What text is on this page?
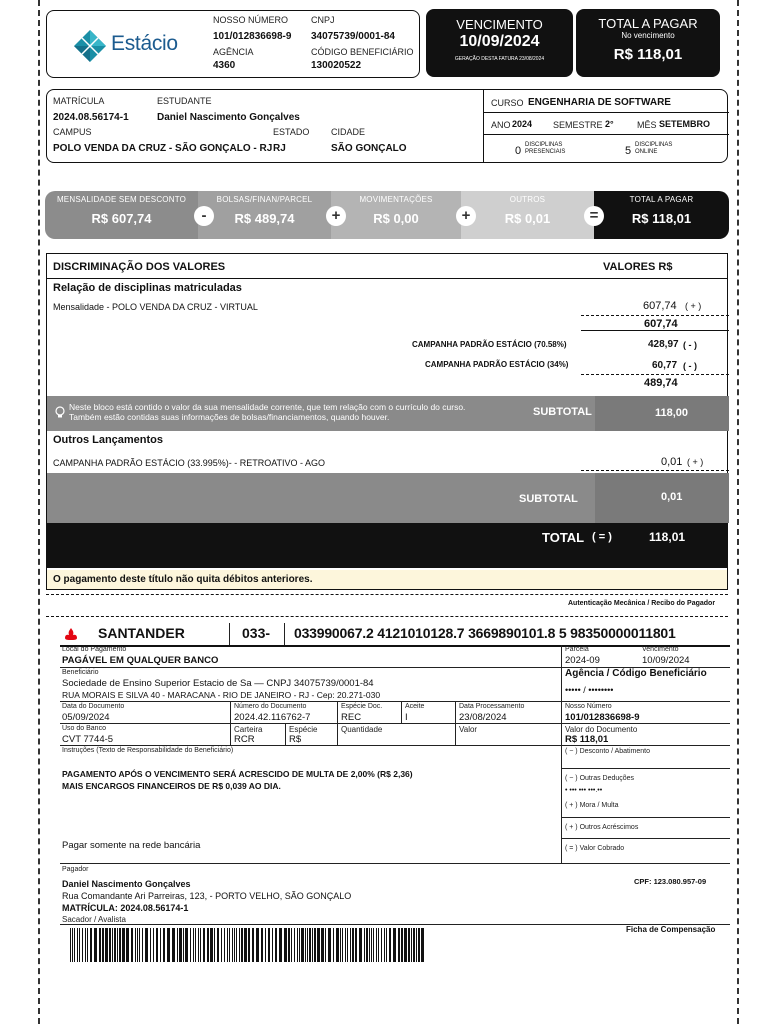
Estácio
NOSSO NÚMERO
101/012836698-9
AGÊNCIA
4360
CNPJ
34075739/0001-84
CÓDIGO BENEFICIÁRIO
130020522
VENCIMENTO
10/09/2024
GERAÇÃO DESTA FATURA 23/08/2024
TOTAL A PAGAR
No vencimento
R$ 118,01
MATRÍCULA
2024.08.56174-1
ESTUDANTE
Daniel Nascimento Gonçalves
CAMPUS
POLO VENDA DA CRUZ - SÃO GONÇALO - RJ
ESTADO
RJ
CIDADE
SÃO GONÇALO
CURSO ENGENHARIA DE SOFTWARE
ANO 2024 SEMESTRE 2°	MÊS SETEMBRO
0 DISCIPLINAS
PRESENCIAIS	5 DISCIPLINAS
ONLINE
MENSALIDADE SEM DESCONTO
R$ 607,74
BOLSAS/FINAN/PARCEL
R$ 489,74
MOVIMENTAÇÕES
R$ 0,00
OUTROS
R$ 0,01
TOTAL A PAGAR
R$ 118,01
-	+	+	=
DISCRIMINAÇÃO DOS VALORES	VALORES R$
Relação de disciplinas matriculadas
Mensalidade - POLO VENDA DA CRUZ - VIRTUAL	607,74 ( + )
607,74
CAMPANHA PADRÃO ESTÁCIO (70.58%)	428,97 ( - )
CAMPANHA PADRÃO ESTÁCIO (34%)	60,77 ( - )
489,74
Neste bloco está contido o valor da sua mensalidade corrente, que tem relação com o currículo do curso.
Também estão contidas suas informações de bolsas/financiamentos, quando houver.	SUBTOTAL	118,00
Outros Lançamentos
CAMPANHA PADRÃO ESTÁCIO (33.995%)- - RETROATIVO - AGO	0,01 ( + )
SUBTOTAL	0,01
TOTAL ( = )	118,01
O pagamento deste título não quita débitos anteriores.
Autenticação Mecânica / Recibo do Pagador
SANTANDER	033- 033990067.2 4121010128.7 3669890101.8 5 98350000011801
Local do Pagamento
PAGÁVEL EM QUALQUER BANCO
Parcela
2024-09
Vencimento
10/09/2024
Beneficiário
Sociedade de Ensino Superior Estacio de Sa — CNPJ 34075739/0001-84
RUA MORAIS E SILVA 40 - MARACANA - RIO DE JANEIRO - RJ - Cep: 20.271-030
Agência / Código Beneficiário
••••• / ••••••••
Data do Documento
05/09/2024
Número do Documento
2024.42.116762-7
Espécie Doc.
REC
Aceite
I
Data Processamento
23/08/2024
Nosso Número
101/012836698-9
Uso do Banco
CVT 7744-5
Carteira
RCR
Espécie
R$
Quantidade	Valor	Valor do Documento
R$ 118,01
Instruções (Texto de Responsabilidade do Beneficiário)
PAGAMENTO APÓS O VENCIMENTO SERÁ ACRESCIDO DE MULTA DE 2,00% (R$ 2,36)
MAIS ENCARGOS FINANCEIROS DE R$ 0,039 AO DIA.
Pagar somente na rede bancária
( − ) Desconto / Abatimento
( − ) Outras Deduções
• ••• ••• •••.••
( + ) Mora / Multa
( + ) Outros Acréscimos
( = ) Valor Cobrado
Pagador
Daniel Nascimento Gonçalves
Rua Comandante Ari Parreiras, 123, - PORTO VELHO, SÃO GONÇALO
MATRÍCULA: 2024.08.56174-1
Sacador / Avalista
CPF: 123.080.957-09
Ficha de Compensação
